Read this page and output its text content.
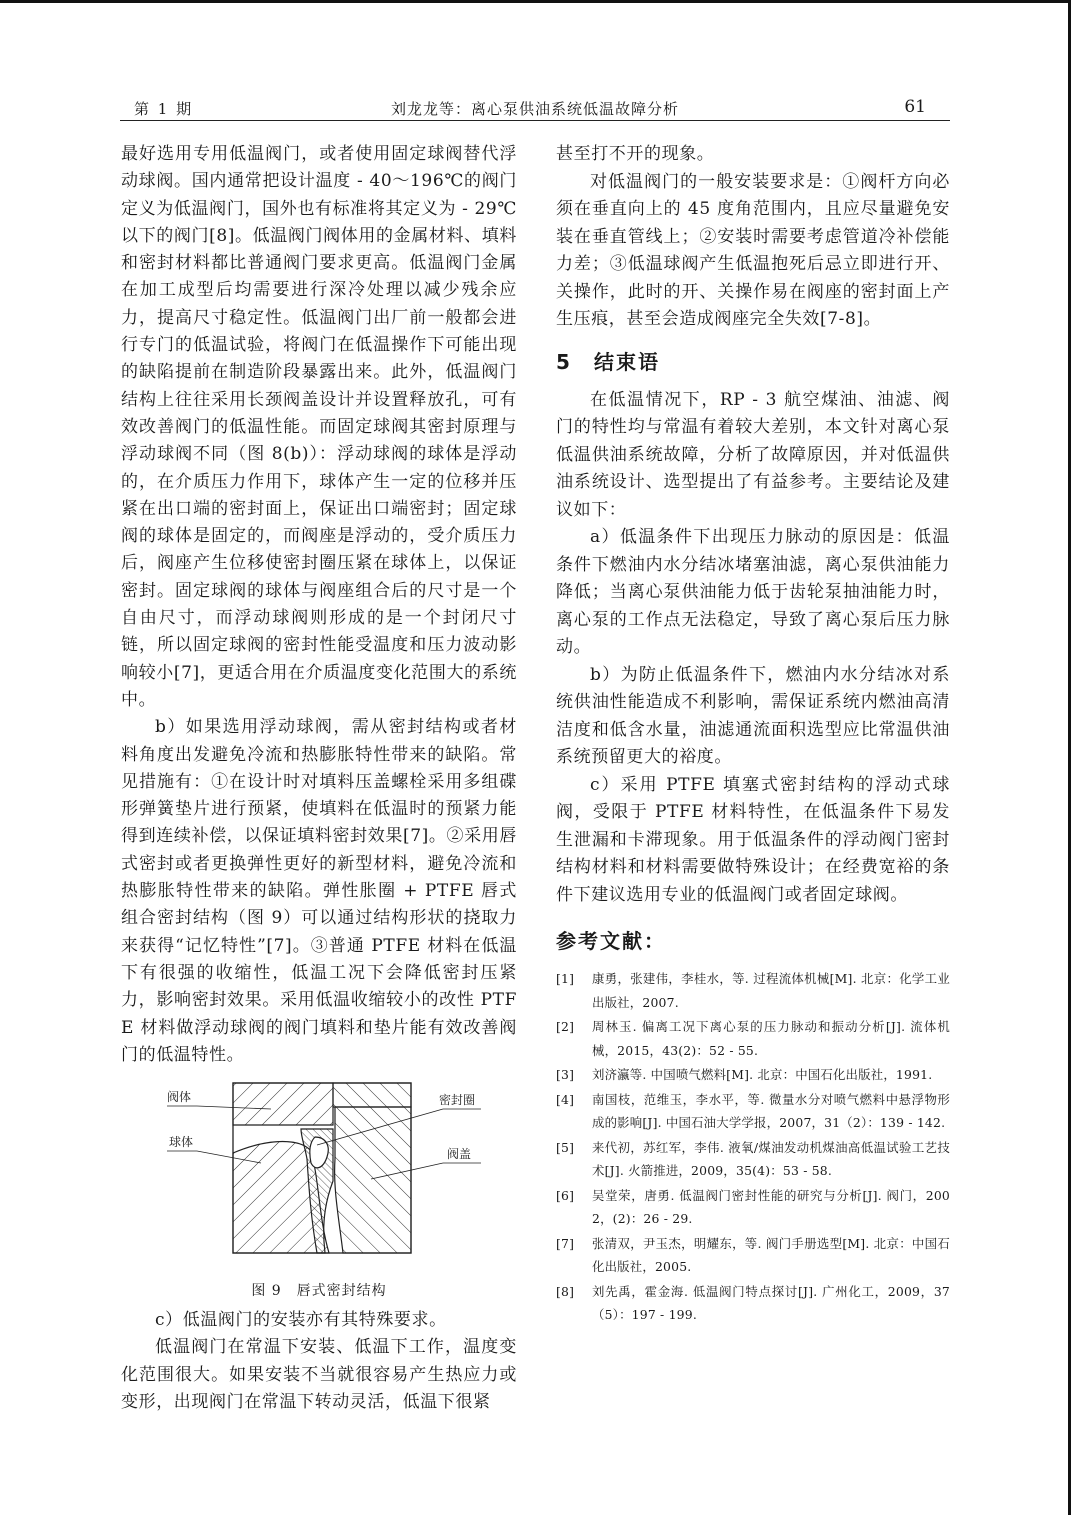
第 1 期	刘龙龙等：离心泵供油系统低温故障分析	61

最好选用专用低温阀门，或者使用固定球阀替代浮动球阀。国内通常把设计温度 - 40～196℃的阀门定义为低温阀门，国外也有标准将其定义为 - 29℃以下的阀门[8]。低温阀门阀体用的金属材料、填料和密封材料都比普通阀门要求更高。低温阀门金属在加工成型后均需要进行深冷处理以减少残余应力，提高尺寸稳定性。低温阀门出厂前一般都会进行专门的低温试验，将阀门在低温操作下可能出现的缺陷提前在制造阶段暴露出来。此外，低温阀门结构上往往采用长颈阀盖设计并设置释放孔，可有效改善阀门的低温性能。而固定球阀其密封原理与浮动球阀不同（图 8(b)）：浮动球阀的球体是浮动的，在介质压力作用下，球体产生一定的位移并压紧在出口端的密封面上，保证出口端密封；固定球阀的球体是固定的，而阀座是浮动的，受介质压力后，阀座产生位移使密封圈压紧在球体上，以保证密封。固定球阀的球体与阀座组合后的尺寸是一个自由尺寸，而浮动球阀则形成的是一个封闭尺寸链，所以固定球阀的密封性能受温度和压力波动影响较小[7]，更适合用在介质温度变化范围大的系统中。

b）如果选用浮动球阀，需从密封结构或者材料角度出发避免冷流和热膨胀特性带来的缺陷。常见措施有：①在设计时对填料压盖螺栓采用多组碟形弹簧垫片进行预紧，使填料在低温时的预紧力能得到连续补偿，以保证填料密封效果[7]。②采用唇式密封或者更换弹性更好的新型材料，避免冷流和热膨胀特性带来的缺陷。弹性胀圈 + PTFE 唇式组合密封结构（图 9）可以通过结构形状的挠取力来获得“记忆特性”[7]。③普通 PTFE 材料在低温下有很强的收缩性，低温工况下会降低密封压紧力，影响密封效果。采用低温收缩较小的改性 PTFE 材料做浮动球阀的阀门填料和垫片能有效改善阀门的低温特性。

阀体
球体
密封圈
阀盖

图 9　唇式密封结构

c）低温阀门的安装亦有其特殊要求。

低温阀门在常温下安装、低温下工作，温度变化范围很大。如果安装不当就很容易产生热应力或变形，出现阀门在常温下转动灵活，低温下很紧

甚至打不开的现象。

对低温阀门的一般安装要求是：①阀杆方向必须在垂直向上的 45 度角范围内，且应尽量避免安装在垂直管线上；②安装时需要考虑管道冷补偿能力差；③低温球阀产生低温抱死后忌立即进行开、关操作，此时的开、关操作易在阀座的密封面上产生压痕，甚至会造成阀座完全失效[7-8]。

5 结束语

在低温情况下，RP - 3 航空煤油、油滤、阀门的特性均与常温有着较大差别，本文针对离心泵低温供油系统故障，分析了故障原因，并对低温供油系统设计、选型提出了有益参考。主要结论及建议如下：

a）低温条件下出现压力脉动的原因是：低温条件下燃油内水分结冰堵塞油滤，离心泵供油能力降低；当离心泵供油能力低于齿轮泵抽油能力时，离心泵的工作点无法稳定，导致了离心泵后压力脉动。

b）为防止低温条件下，燃油内水分结冰对系统供油性能造成不利影响，需保证系统内燃油高清洁度和低含水量，油滤通流面积选型应比常温供油系统预留更大的裕度。

c）采用 PTFE 填塞式密封结构的浮动式球阀，受限于 PTFE 材料特性，在低温条件下易发生泄漏和卡滞现象。用于低温条件的浮动阀门密封结构材料和材料需要做特殊设计；在经费宽裕的条件下建议选用专业的低温阀门或者固定球阀。

参考文献：
[1] 康勇，张建伟，李桂水，等. 过程流体机械[M]. 北京：化学工业出版社，2007.
[2] 周林玉. 偏离工况下离心泵的压力脉动和振动分析[J]. 流体机械，2015，43(2)：52 - 55.
[3] 刘济瀛等. 中国喷气燃料[M]. 北京：中国石化出版社，1991.
[4] 南国枝，范维玉，李水平，等. 微量水分对喷气燃料中悬浮物形成的影响[J]. 中国石油大学学报，2007，31（2）：139 - 142.
[5] 来代初，苏红军，李伟. 液氧/煤油发动机煤油高低温试验工艺技术[J]. 火箭推进，2009，35(4)：53 - 58.
[6] 吴堂荣，唐勇. 低温阀门密封性能的研究与分析[J]. 阀门，2002，(2)：26 - 29.
[7] 张清双，尹玉杰，明耀东，等. 阀门手册选型[M]. 北京：中国石化出版社，2005.
[8] 刘先禹，霍金海. 低温阀门特点探讨[J]. 广州化工，2009，37（5）：197 - 199.
